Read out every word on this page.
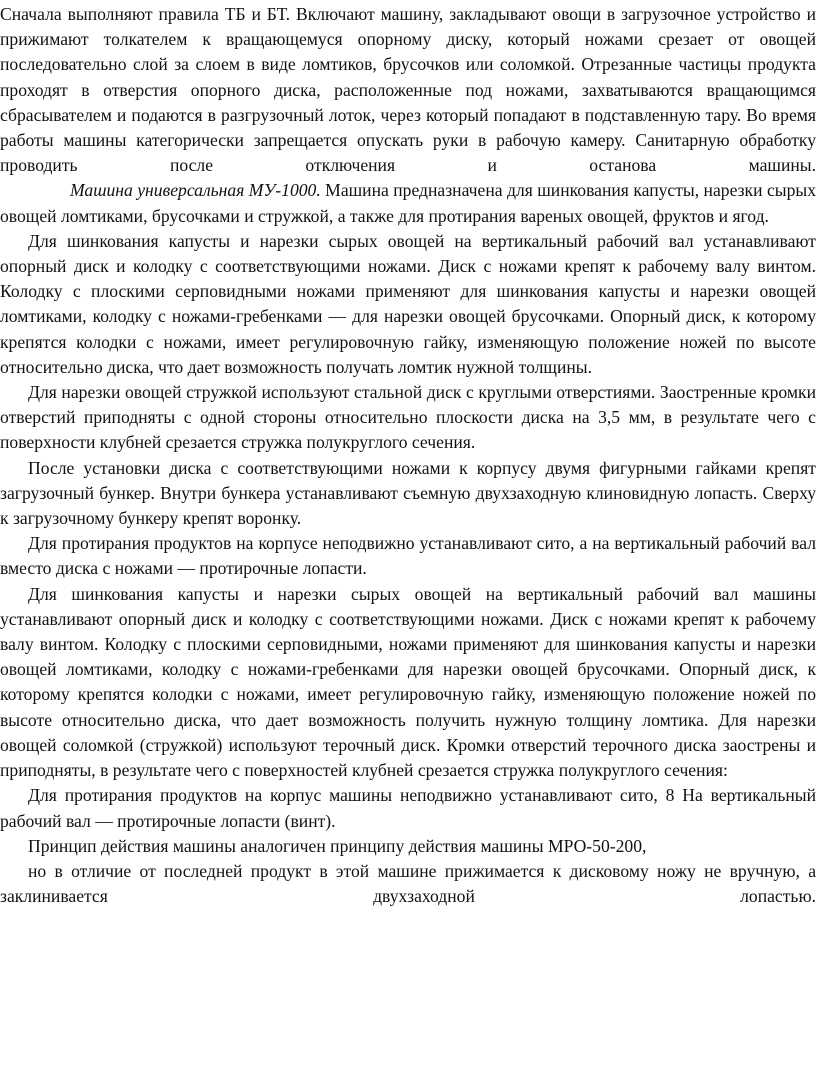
Сначала выполняют правила ТБ и БТ. Включают машину, закладывают овощи в загрузочное устройство и прижимают толкателем к вращающемуся опорному диску, который ножами срезает от овощей последовательно слой за слоем в виде ломтиков, брусочков или соломкой. Отрезанные частицы продукта проходят в отверстия опорного диска, расположенные под ножами, захватываются вращающимся сбрасывателем и подаются в разгрузочный лоток, через который попадают в подставленную тару. Во время работы машины категорически запрещается опускать руки в рабочую камеру. Санитарную обработку проводить после отключения и останова машины.

Машина универсальная МУ-1000. Машина предназначена для шинкования капусты, нарезки сырых овощей ломтиками, брусочками и стружкой, а также для протирания вареных овощей, фруктов и ягод.

Для шинкования капусты и нарезки сырых овощей на вертикальный рабочий вал устанавливают опорный диск и колодку с соответствующими ножами. Диск с ножами крепят к рабочему валу винтом. Колодку с плоскими серповидными ножами применяют для шинкования капусты и нарезки овощей ломтиками, колодку с ножами-гребенками — для нарезки овощей брусочками. Опорный диск, к которому крепятся колодки с ножами, имеет регулировочную гайку, изменяющую положение ножей по высоте относительно диска, что дает возможность получать ломтик нужной толщины.

Для нарезки овощей стружкой используют стальной диск с круглыми отверстиями. Заостренные кромки отверстий приподняты с одной стороны относительно плоскости диска на 3,5 мм, в результате чего с поверхности клубней срезается стружка полукруглого сечения.

После установки диска с соответствующими ножами к корпусу двумя фигурными гайками крепят загрузочный бункер. Внутри бункера устанавливают съемную двухзаходную клиновидную лопасть. Сверху к загрузочному бункеру крепят воронку.

Для протирания продуктов на корпусе неподвижно устанавливают сито, а на вертикальный рабочий вал вместо диска с ножами — протирочные лопасти.

Для шинкования капусты и нарезки сырых овощей на вертикальный рабочий вал машины устанавливают опорный диск и колодку с соответствующими ножами. Диск с ножами крепят к рабочему валу винтом. Колодку с плоскими серповидными, ножами применяют для шинкования капусты и нарезки овощей ломтиками, колодку с ножами-гребенками для нарезки овощей брусочками. Опорный диск, к которому крепятся колодки с ножами, имеет регулировочную гайку, изменяющую положение ножей по высоте относительно диска, что дает возможность получить нужную толщину ломтика. Для нарезки овощей соломкой (стружкой) используют терочный диск. Кромки отверстий терочного диска заострены и приподняты, в результате чего с поверхностей клубней срезается стружка полукруглого сечения:

Для протирания продуктов на корпус машины неподвижно устанавливают сито, 8 На вертикальный рабочий вал — протирочные лопасти (винт).

Принцип действия машины аналогичен принципу действия машины МРО-50-200,

но в отличие от последней продукт в этой машине прижимается к дисковому ножу не вручную, а заклинивается двухзаходной лопастью.
